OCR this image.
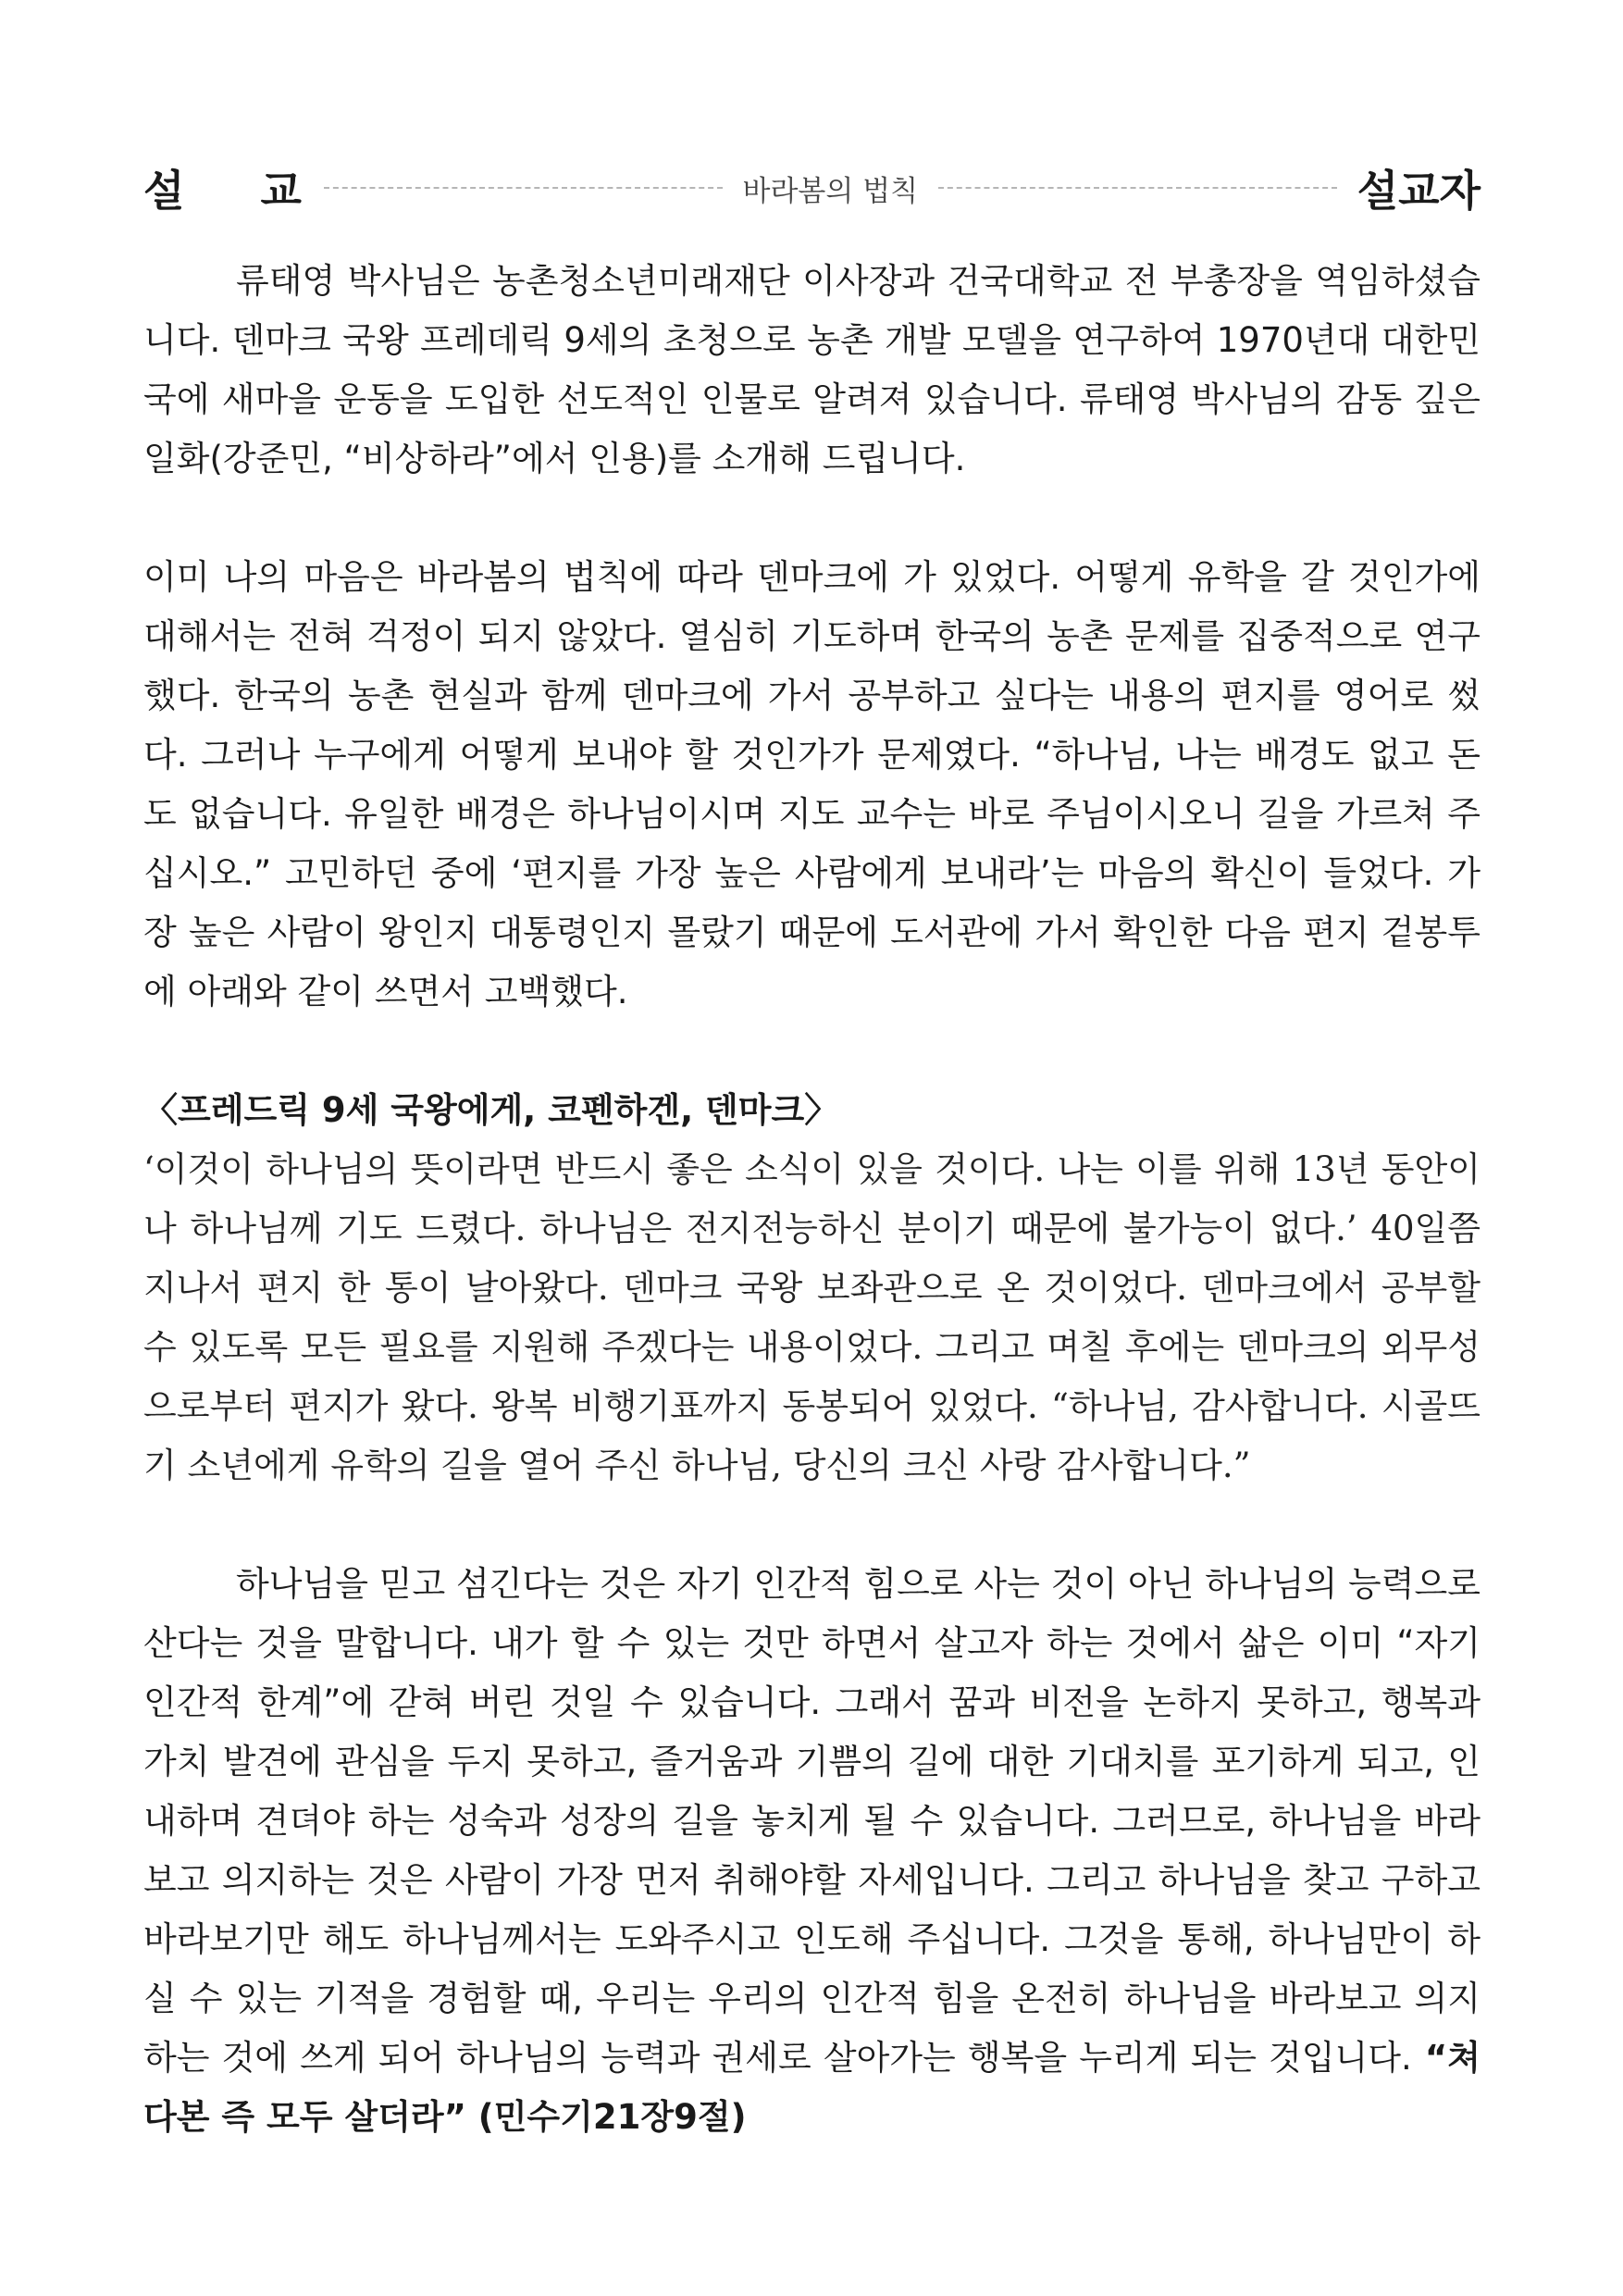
설 교	바라봄의 법칙	설교자

류태영 박사님은 농촌청소년미래재단 이사장과 건국대학교 전 부총장을 역임하셨습니다. 덴마크 국왕 프레데릭 9세의 초청으로 농촌 개발 모델을 연구하여 1970년대 대한민국에 새마을 운동을 도입한 선도적인 인물로 알려져 있습니다. 류태영 박사님의 감동 깊은 일화(강준민, “비상하라”에서 인용)를 소개해 드립니다.

이미 나의 마음은 바라봄의 법칙에 따라 덴마크에 가 있었다. 어떻게 유학을 갈 것인가에 대해서는 전혀 걱정이 되지 않았다. 열심히 기도하며 한국의 농촌 문제를 집중적으로 연구했다. 한국의 농촌 현실과 함께 덴마크에 가서 공부하고 싶다는 내용의 편지를 영어로 썼다. 그러나 누구에게 어떻게 보내야 할 것인가가 문제였다. “하나님, 나는 배경도 없고 돈도 없습니다. 유일한 배경은 하나님이시며 지도 교수는 바로 주님이시오니 길을 가르쳐 주십시오.” 고민하던 중에 ‘편지를 가장 높은 사람에게 보내라’는 마음의 확신이 들었다. 가장 높은 사람이 왕인지 대통령인지 몰랐기 때문에 도서관에 가서 확인한 다음 편지 겉봉투에 아래와 같이 쓰면서 고백했다.

〈프레드릭 9세 국왕에게, 코펜하겐, 덴마크〉

‘이것이 하나님의 뜻이라면 반드시 좋은 소식이 있을 것이다. 나는 이를 위해 13년 동안이나 하나님께 기도 드렸다. 하나님은 전지전능하신 분이기 때문에 불가능이 없다.’ 40일쯤 지나서 편지 한 통이 날아왔다. 덴마크 국왕 보좌관으로 온 것이었다. 덴마크에서 공부할 수 있도록 모든 필요를 지원해 주겠다는 내용이었다. 그리고 며칠 후에는 덴마크의 외무성으로부터 편지가 왔다. 왕복 비행기표까지 동봉되어 있었다. “하나님, 감사합니다. 시골뜨기 소년에게 유학의 길을 열어 주신 하나님, 당신의 크신 사랑 감사합니다.”

하나님을 믿고 섬긴다는 것은 자기 인간적 힘으로 사는 것이 아닌 하나님의 능력으로 산다는 것을 말합니다. 내가 할 수 있는 것만 하면서 살고자 하는 것에서 삶은 이미 “자기 인간적 한계”에 갇혀 버린 것일 수 있습니다. 그래서 꿈과 비전을 논하지 못하고, 행복과 가치 발견에 관심을 두지 못하고, 즐거움과 기쁨의 길에 대한 기대치를 포기하게 되고, 인내하며 견뎌야 하는 성숙과 성장의 길을 놓치게 될 수 있습니다. 그러므로, 하나님을 바라보고 의지하는 것은 사람이 가장 먼저 취해야할 자세입니다. 그리고 하나님을 찾고 구하고 바라보기만 해도 하나님께서는 도와주시고 인도해 주십니다. 그것을 통해, 하나님만이 하실 수 있는 기적을 경험할 때, 우리는 우리의 인간적 힘을 온전히 하나님을 바라보고 의지하는 것에 쓰게 되어 하나님의 능력과 권세로 살아가는 행복을 누리게 되는 것입니다. “쳐다본 즉 모두 살더라” (민수기21장9절)
